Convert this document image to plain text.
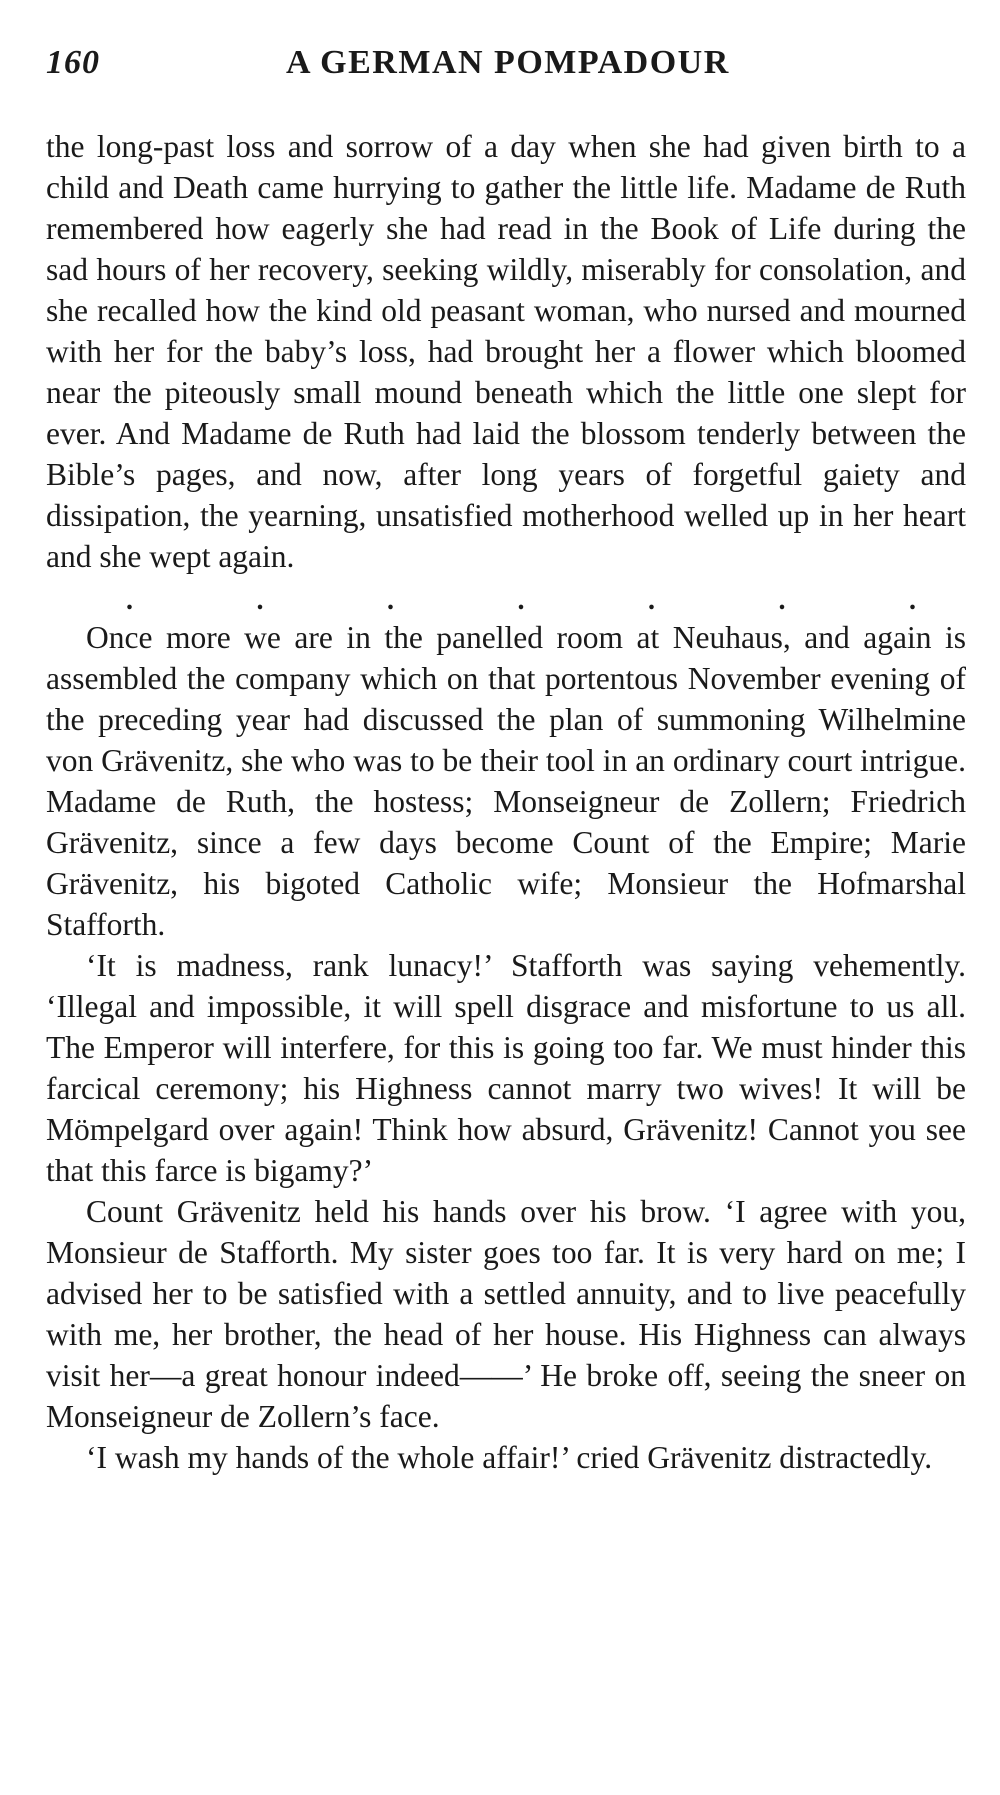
160	A GERMAN POMPADOUR

the long-past loss and sorrow of a day when she had given birth to a child and Death came hurrying to gather the little life. Madame de Ruth remembered how eagerly she had read in the Book of Life during the sad hours of her recovery, seeking wildly, miserably for consolation, and she recalled how the kind old peasant woman, who nursed and mourned with her for the baby’s loss, had brought her a flower which bloomed near the piteously small mound beneath which the little one slept for ever. And Madame de Ruth had laid the blossom tenderly between the Bible’s pages, and now, after long years of forgetful gaiety and dissipation, the yearning, unsatisfied motherhood welled up in her heart and she wept again.

.	.	.	.	.	.	.

Once more we are in the panelled room at Neuhaus, and again is assembled the company which on that portentous November evening of the preceding year had discussed the plan of summoning Wilhelmine von Grävenitz, she who was to be their tool in an ordinary court intrigue. Madame de Ruth, the hostess; Monseigneur de Zollern; Friedrich Grävenitz, since a few days become Count of the Empire; Marie Grävenitz, his bigoted Catholic wife; Monsieur the Hofmarshal Stafforth.

‘It is madness, rank lunacy!’ Stafforth was saying vehemently. ‘Illegal and impossible, it will spell disgrace and misfortune to us all. The Emperor will interfere, for this is going too far. We must hinder this farcical ceremony; his Highness cannot marry two wives! It will be Mömpelgard over again! Think how absurd, Grävenitz! Cannot you see that this farce is bigamy?’

Count Grävenitz held his hands over his brow. ‘I agree with you, Monsieur de Stafforth. My sister goes too far. It is very hard on me; I advised her to be satisfied with a settled annuity, and to live peacefully with me, her brother, the head of her house. His Highness can always visit her—a great honour indeed——’ He broke off, seeing the sneer on Monseigneur de Zollern’s face.

‘I wash my hands of the whole affair!’ cried Grävenitz distractedly.
